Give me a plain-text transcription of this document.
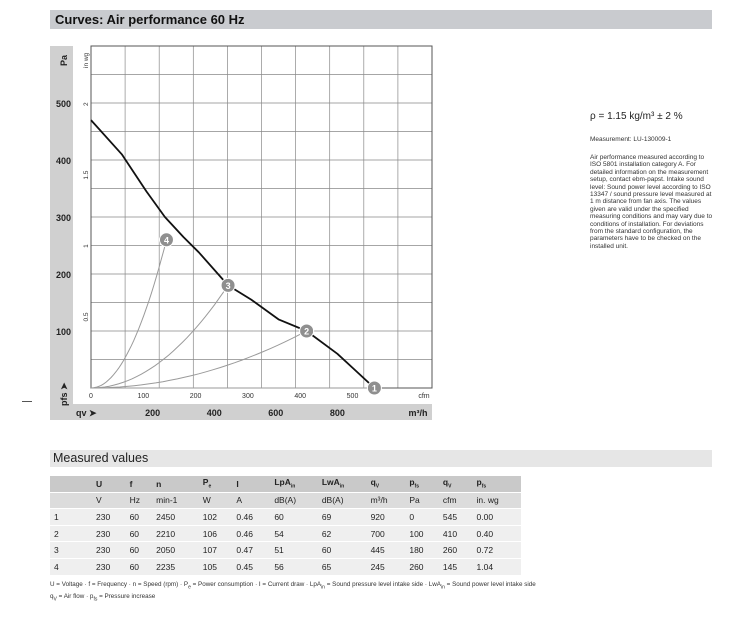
Curves: Air performance 60 Hz
100
200
300
400
500
Pa
0.5
1
1.5
2
in wg
pfs ➤	0	100	200	300	400	500	cfm
200	400	600	800	m³/h
qv ➤
1
2
3
4
ρ = 1.15 kg/m³ ± 2 %
Measurement: LU-130009-1
Air performance measured according to ISO 5801 installation category A. For detailed information on the measurement setup, contact ebm-papst. Intake sound level: Sound power level according to ISO 13347 / sound pressure level measured at 1 m distance from fan axis. The values given are valid under the specified measuring conditions and may vary due to conditions of installation. For deviations from the standard configuration, the parameters have to be checked on the installed unit.
Measured values
	U	f	n	$P_e$	I	LpA$_{in}$	LwA$_{in}$	$q_V$	$p_{fs}$	$q_V$	$p_{fs}$
	V	Hz	min-1	W	A	dB(A)	dB(A)	m³/h	Pa	cfm	in. wg
1	230	60	2450	102	0.46	60	69	920	0	545	0.00
2	230	60	2210	106	0.46	54	62	700	100	410	0.40
3	230	60	2050	107	0.47	51	60	445	180	260	0.72
4	230	60	2235	105	0.45	56	65	245	260	145	1.04
U = Voltage · f = Frequency · n = Speed $(rpm) \cdot P_e$ = Power consumption · I = Current draw · LpA$_{in}$ = Sound pressure level intake side · LwA$_{in}$ = Sound power level intake side
$q_V$ = Air flow · $p_{fs}$ = Pressure increase
